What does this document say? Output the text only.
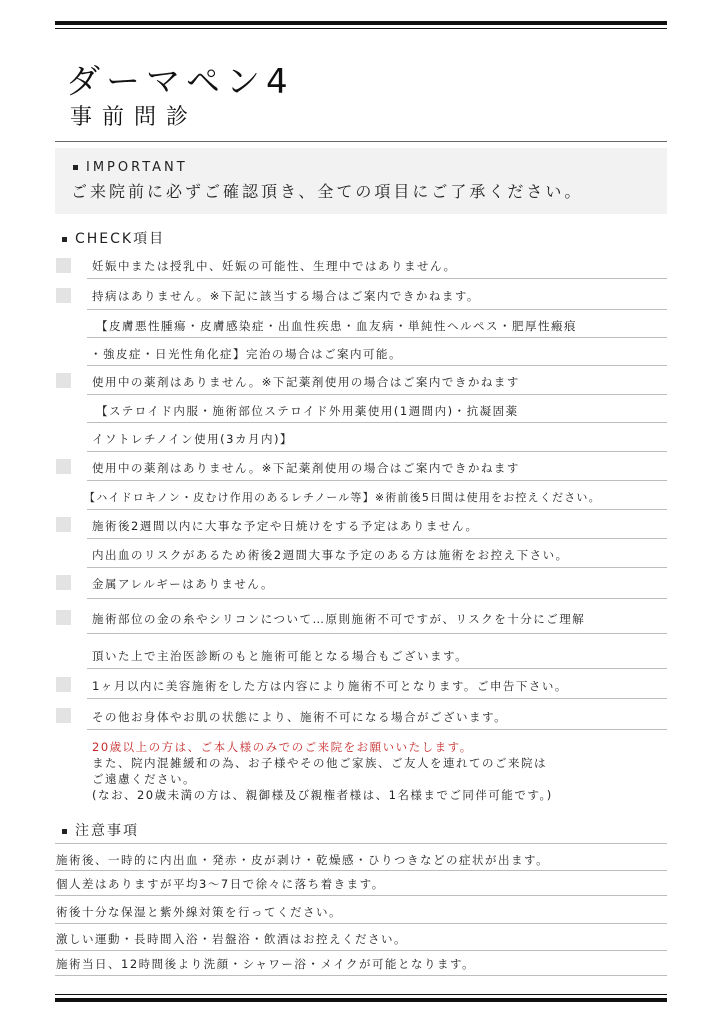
ダーマペン4
事前問診
IMPORTANT
ご来院前に必ずご確認頂き、全ての項目にご了承ください。
CHECK項目
妊娠中または授乳中、妊娠の可能性、生理中ではありません。
持病はありません。※下記に該当する場合はご案内できかねます。
【皮膚悪性腫瘍・皮膚感染症・出血性疾患・血友病・単純性ヘルペス・肥厚性瘢痕
・強皮症・日光性角化症】完治の場合はご案内可能。
使用中の薬剤はありません。※下記薬剤使用の場合はご案内できかねます
【ステロイド内服・施術部位ステロイド外用薬使用(1週間内)・抗凝固薬
イソトレチノイン使用(3カ月内)】
使用中の薬剤はありません。※下記薬剤使用の場合はご案内できかねます
【ハイドロキノン・皮むけ作用のあるレチノール等】※術前後5日間は使用をお控えください。
施術後2週間以内に大事な予定や日焼けをする予定はありません。
内出血のリスクがあるため術後2週間大事な予定のある方は施術をお控え下さい。
金属アレルギーはありません。
施術部位の金の糸やシリコンについて…原則施術不可ですが、リスクを十分にご理解
頂いた上で主治医診断のもと施術可能となる場合もございます。
1ヶ月以内に美容施術をした方は内容により施術不可となります。ご申告下さい。
その他お身体やお肌の状態により、施術不可になる場合がございます。
20歳以上の方は、ご本人様のみでのご来院をお願いいたします。
また、院内混雑緩和の為、お子様やその他ご家族、ご友人を連れてのご来院は
ご遠慮ください。
(なお、20歳未満の方は、親御様及び親権者様は、1名様までご同伴可能です。)
注意事項
施術後、一時的に内出血・発赤・皮が剥け・乾燥感・ひりつきなどの症状が出ます。
個人差はありますが平均3〜7日で徐々に落ち着きます。
術後十分な保湿と紫外線対策を行ってください。
激しい運動・長時間入浴・岩盤浴・飲酒はお控えください。
施術当日、12時間後より洗顔・シャワー浴・メイクが可能となります。
